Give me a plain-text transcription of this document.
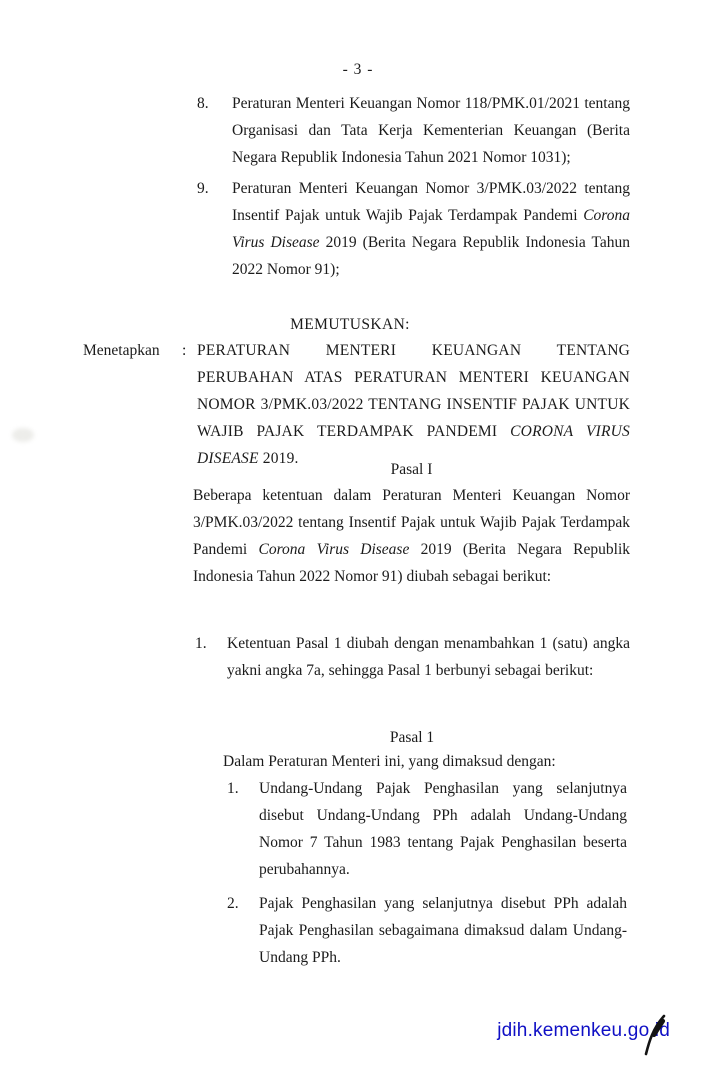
- 3 -
8.	Peraturan Menteri Keuangan Nomor 118/PMK.01/2021 tentang Organisasi dan Tata Kerja Kementerian Keuangan (Berita Negara Republik Indonesia Tahun 2021 Nomor 1031);
9.	Peraturan Menteri Keuangan Nomor 3/PMK.03/2022 tentang Insentif Pajak untuk Wajib Pajak Terdampak Pandemi Corona Virus Disease 2019 (Berita Negara Republik Indonesia Tahun 2022 Nomor 91);
MEMUTUSKAN:
Menetapkan	: PERATURAN MENTERI KEUANGAN TENTANG PERUBAHAN ATAS PERATURAN MENTERI KEUANGAN NOMOR 3/PMK.03/2022 TENTANG INSENTIF PAJAK UNTUK WAJIB PAJAK TERDAMPAK PANDEMI CORONA VIRUS DISEASE 2019.
Pasal I
Beberapa ketentuan dalam Peraturan Menteri Keuangan Nomor 3/PMK.03/2022 tentang Insentif Pajak untuk Wajib Pajak Terdampak Pandemi Corona Virus Disease 2019 (Berita Negara Republik Indonesia Tahun 2022 Nomor 91) diubah sebagai berikut:
1.	Ketentuan Pasal 1 diubah dengan menambahkan 1 (satu) angka yakni angka 7a, sehingga Pasal 1 berbunyi sebagai berikut:
Pasal 1
Dalam Peraturan Menteri ini, yang dimaksud dengan:
1.	Undang-Undang Pajak Penghasilan yang selanjutnya disebut Undang-Undang PPh adalah Undang-Undang Nomor 7 Tahun 1983 tentang Pajak Penghasilan beserta perubahannya.
2.	Pajak Penghasilan yang selanjutnya disebut PPh adalah Pajak Penghasilan sebagaimana dimaksud dalam Undang-Undang PPh.
jdih.kemenkeu.go.id
